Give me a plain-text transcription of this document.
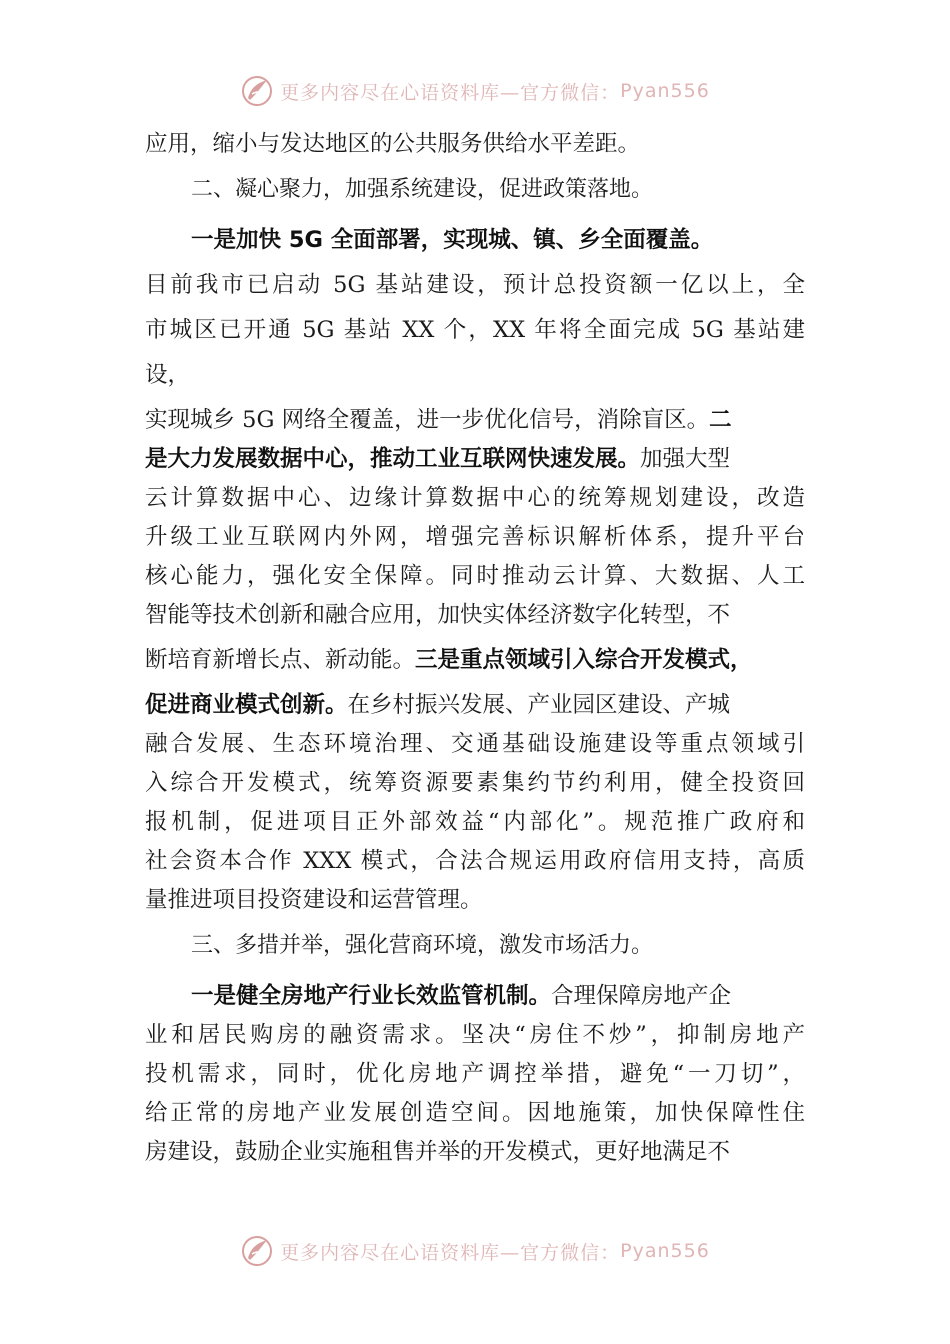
更多内容尽在心语资料库—官方微信： Pyan556
应用，缩小与发达地区的公共服务供给水平差距。
二、凝心聚力，加强系统建设，促进政策落地。
一是加快 5G 全面部署，实现城、镇、乡全面覆盖。
目前我市已启动 5G 基站建设，预计总投资额一亿以上，全
市城区已开通 5G 基站 XX 个，XX 年将全面完成 5G 基站建
设，
实现城乡 5G 网络全覆盖，进一步优化信号，消除盲区。二
是大力发展数据中心，推动工业互联网快速发展。加强大型
云计算数据中心、边缘计算数据中心的统筹规划建设，改造
升级工业互联网内外网，增强完善标识解析体系，提升平台
核心能力，强化安全保障。同时推动云计算、大数据、人工
智能等技术创新和融合应用，加快实体经济数字化转型，不
断培育新增长点、新动能。三是重点领域引入综合开发模式，
促进商业模式创新。在乡村振兴发展、产业园区建设、产城
融合发展、生态环境治理、交通基础设施建设等重点领域引
入综合开发模式，统筹资源要素集约节约利用，健全投资回
报机制，促进项目正外部效益“内部化”。规范推广政府和
社会资本合作 XXX 模式，合法合规运用政府信用支持，高质
量推进项目投资建设和运营管理。
三、多措并举，强化营商环境，激发市场活力。
一是健全房地产行业长效监管机制。合理保障房地产企
业和居民购房的融资需求。坚决“房住不炒”，抑制房地产
投机需求，同时，优化房地产调控举措，避免“一刀切”，
给正常的房地产业发展创造空间。因地施策，加快保障性住
房建设，鼓励企业实施租售并举的开发模式，更好地满足不
更多内容尽在心语资料库—官方微信： Pyan556
